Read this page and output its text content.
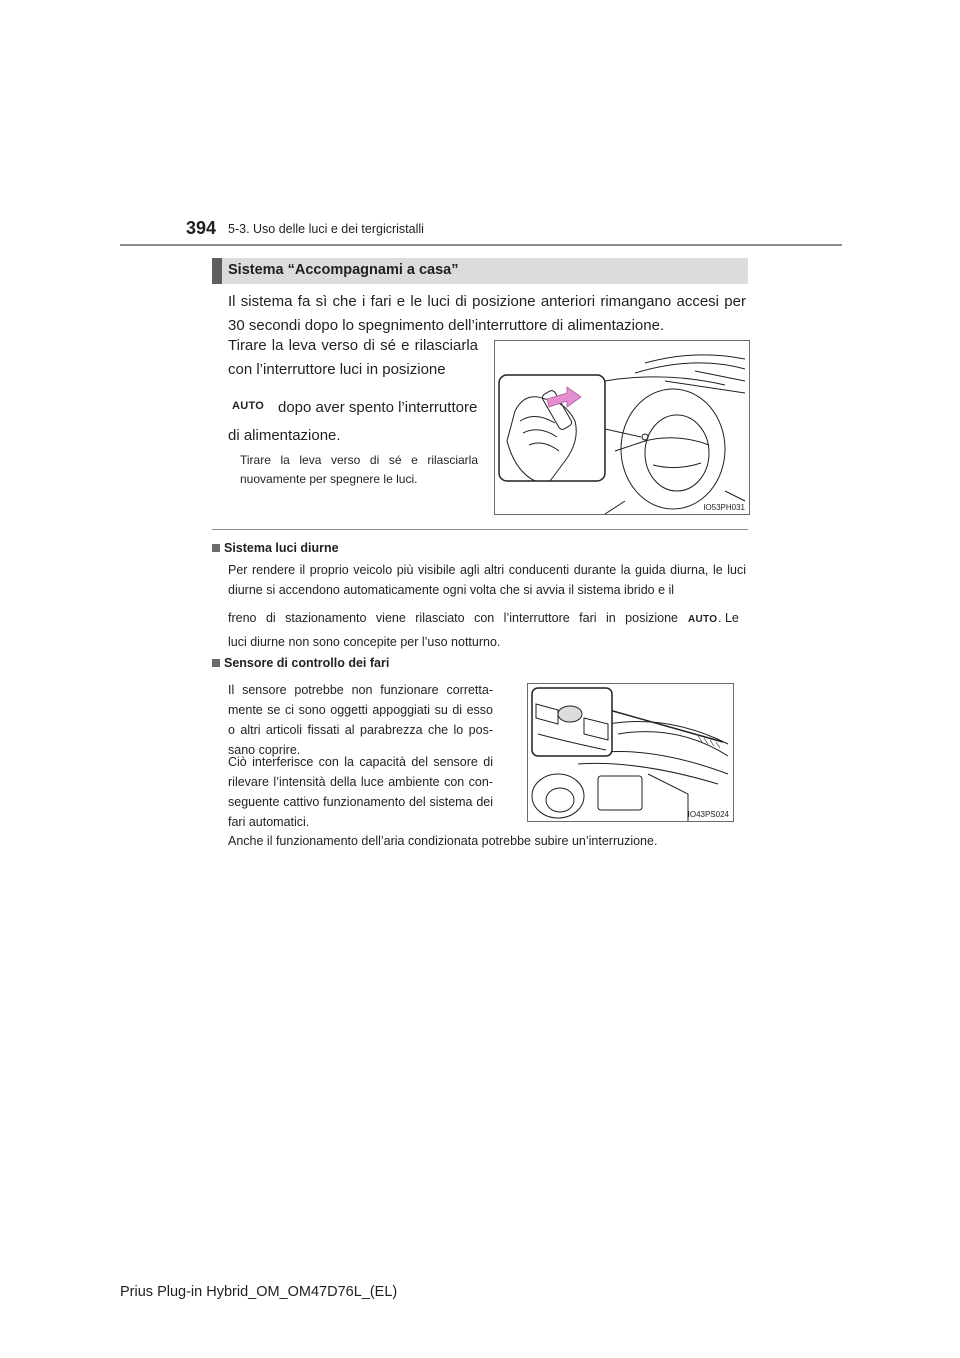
394 5-3. Uso delle luci e dei tergicristalli
Sistema “Accompagnami a casa”
Il sistema fa sì che i fari e le luci di posizione anteriori rimangano accesi per 30 secondi dopo lo spegnimento dell’interruttore di alimentazione.
Tirare la leva verso di sé e rilasciarla con l’interruttore luci in posizione
AUTO dopo aver spento l’interruttore
di alimentazione.
Tirare la leva verso di sé e rilasciarla nuovamente per spegnere le luci.
IO53PH031
Sistema luci diurne
Per rendere il proprio veicolo più visibile agli altri conducenti durante la guida diurna, le luci diurne si accendono automaticamente ogni volta che si avvia il sistema ibrido e il
freno di stazionamento viene rilasciato con l’interruttore fari in posizione AUTO . Le
luci diurne non sono concepite per l’uso notturno.
Sensore di controllo dei fari
Il sensore potrebbe non funzionare corretta-mente se ci sono oggetti appoggiati su di esso o altri articoli fissati al parabrezza che lo pos-sano coprire.
Ciò interferisce con la capacità del sensore di rilevare l’intensità della luce ambiente con con-seguente cattivo funzionamento del sistema dei fari automatici.
IO43PS024
Anche il funzionamento dell’aria condizionata potrebbe subire un’interruzione.
Prius Plug-in Hybrid_OM_OM47D76L_(EL)
